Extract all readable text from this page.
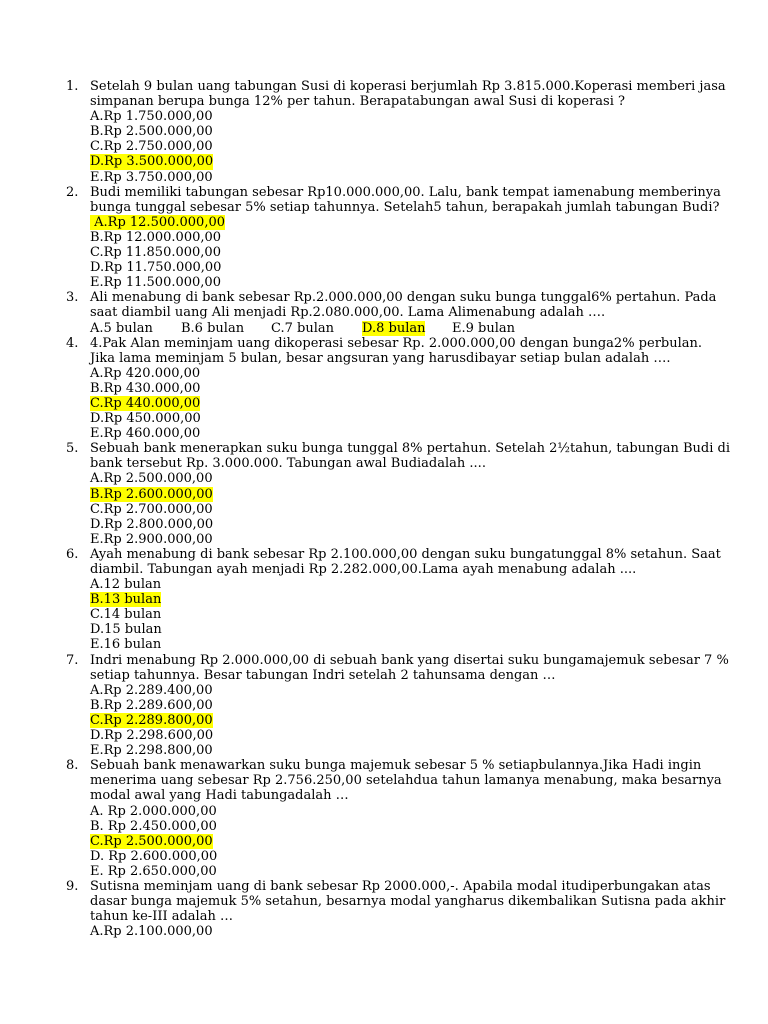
1. Setelah 9 bulan uang tabungan Susi di koperasi berjumlah Rp 3.815.000.Koperasi memberi jasa
simpanan berupa bunga 12% per tahun. Berapatabungan awal Susi di koperasi ?
A.Rp 1.750.000,00
B.Rp 2.500.000,00
C.Rp 2.750.000,00
D.Rp 3.500.000,00
E.Rp 3.750.000,00
2. Budi memiliki tabungan sebesar Rp10.000.000,00. Lalu, bank tempat iamenabung memberinya
bunga tunggal sebesar 5% setiap tahunnya. Setelah5 tahun, berapakah jumlah tabungan Budi?
A.Rp 12.500.000,00
B.Rp 12.000.000,00
C.Rp 11.850.000,00
D.Rp 11.750.000,00
E.Rp 11.500.000,00
3. Ali menabung di bank sebesar Rp.2.000.000,00 dengan suku bunga tunggal6% pertahun. Pada
saat diambil uang Ali menjadi Rp.2.080.000,00. Lama Alimenabung adalah ….
A.5 bulan	B.6 bulan	C.7 bulan	D.8 bulan	E.9 bulan
4. 4.Pak Alan meminjam uang dikoperasi sebesar Rp. 2.000.000,00 dengan bunga2% perbulan.
Jika lama meminjam 5 bulan, besar angsuran yang harusdibayar setiap bulan adalah ….
A.Rp 420.000,00
B.Rp 430.000,00
C.Rp 440.000,00
D.Rp 450.000,00
E.Rp 460.000,00
5. Sebuah bank menerapkan suku bunga tunggal 8% pertahun. Setelah 2½tahun, tabungan Budi di
bank tersebut Rp. 3.000.000. Tabungan awal Budiadalah ....
A.Rp 2.500.000,00
B.Rp 2.600.000,00
C.Rp 2.700.000,00
D.Rp 2.800.000,00
E.Rp 2.900.000,00
6. Ayah menabung di bank sebesar Rp 2.100.000,00 dengan suku bungatunggal 8% setahun. Saat
diambil. Tabungan ayah menjadi Rp 2.282.000,00.Lama ayah menabung adalah ....
A.12 bulan
B.13 bulan
C.14 bulan
D.15 bulan
E.16 bulan
7. Indri menabung Rp 2.000.000,00 di sebuah bank yang disertai suku bungamajemuk sebesar 7 %
setiap tahunnya. Besar tabungan Indri setelah 2 tahunsama dengan …
A.Rp 2.289.400,00
B.Rp 2.289.600,00
C.Rp 2.289.800,00
D.Rp 2.298.600,00
E.Rp 2.298.800,00
8. Sebuah bank menawarkan suku bunga majemuk sebesar 5 % setiapbulannya.Jika Hadi ingin
menerima uang sebesar Rp 2.756.250,00 setelahdua tahun lamanya menabung, maka besarnya
modal awal yang Hadi tabungadalah …
A. Rp 2.000.000,00
B. Rp 2.450.000,00
C.Rp 2.500.000,00
D. Rp 2.600.000,00
E. Rp 2.650.000,00
9. Sutisna meminjam uang di bank sebesar Rp 2000.000,-. Apabila modal itudiperbungakan atas
dasar bunga majemuk 5% setahun, besarnya modal yangharus dikembalikan Sutisna pada akhir
tahun ke-III adalah …
A.Rp 2.100.000,00
